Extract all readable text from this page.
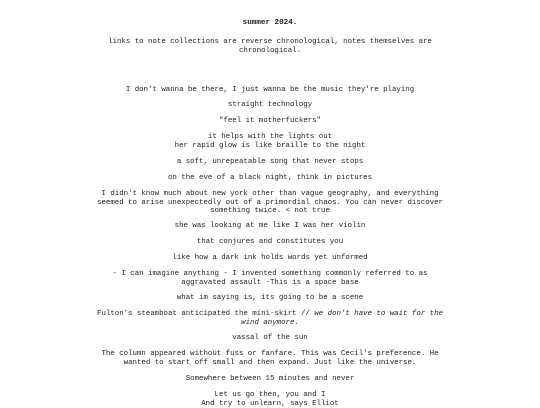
summer 2024.
links to note collections are reverse chronological, notes themselves are chronological.

I don't wanna be there, I just wanna be the music they're playing

straight technology

"feel it motherfuckers"

it helps with the lights out
her rapid glow is like braille to the night

a soft, unrepeatable song that never stops

on the eve of a black night, think in pictures

I didn't know much about new york other than vague geography, and everything seemed to arise unexpectedly out of a primordial chaos. You can never discover something twice. < not true

she was looking at me like I was her violin

that conjures and constitutes you

like how a dark ink holds words yet unformed

- I can imagine anything - I invented something commonly referred to as aggravated assault -This is a space base

what im saying is, its going to be a scene

Fulton's steamboat anticipated the mini-skirt // we don't have to wait for the wind anymore.

vassal of the sun

The column appeared without fuss or fanfare. This was Cecil's preference. He wanted to start off small and then expand. Just like the universe.

Somewhere between 15 minutes and never

Let us go then, you and I
And try to unlearn, says Elliot
